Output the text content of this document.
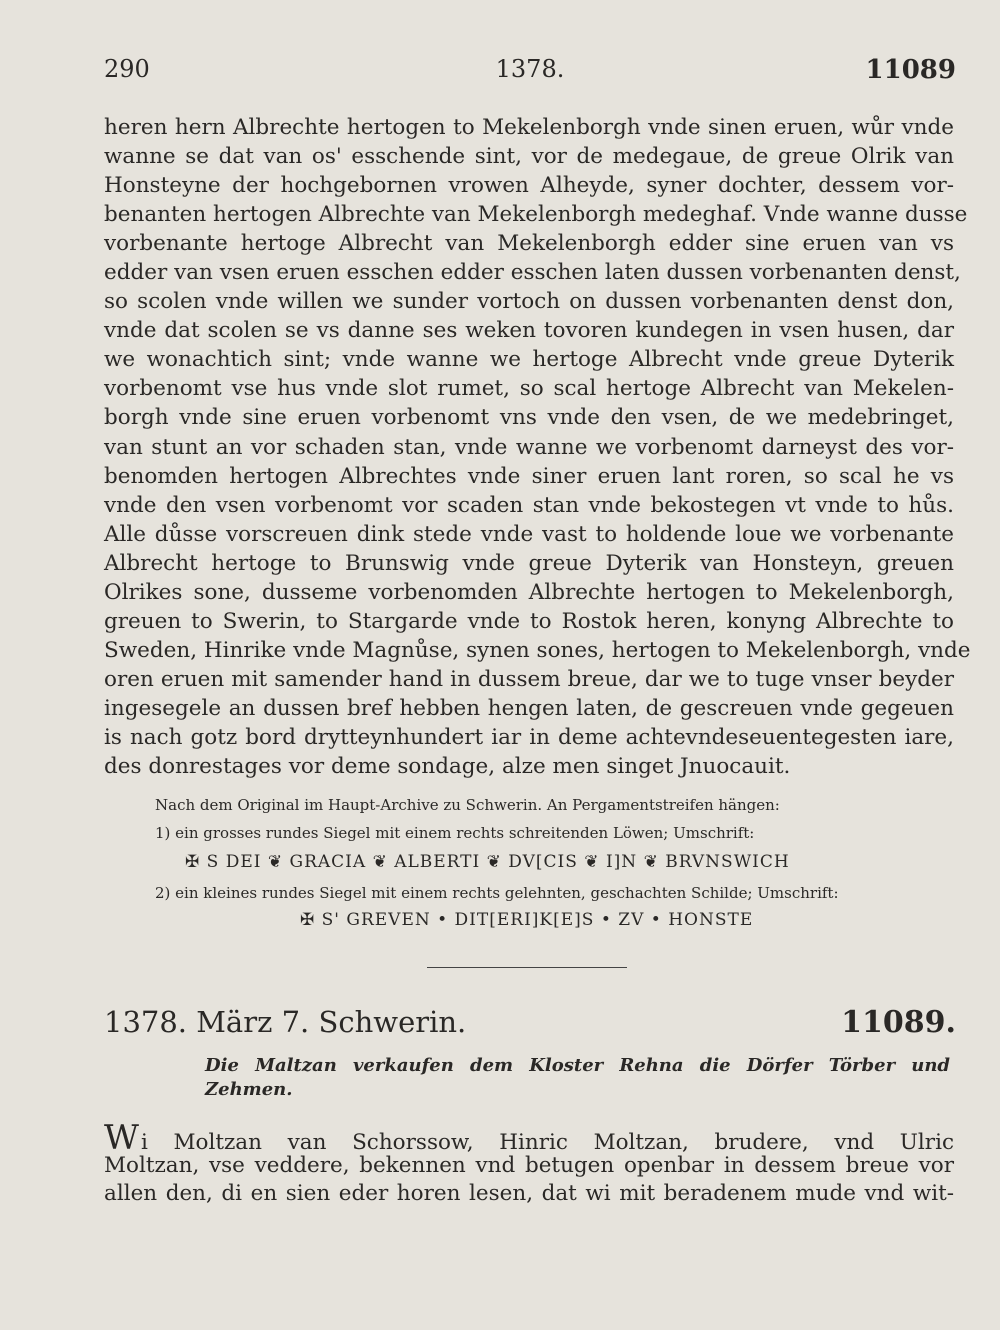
290	1378.	11089
heren hern Albrechte hertogen to Mekelenborgh vnde sinen eruen, wůr vnde
wanne se dat van os' esschende sint, vor de medegaue, de greue Olrik van
Honsteyne der hochgebornen vrowen Alheyde, syner dochter, dessem vor-
benanten hertogen Albrechte van Mekelenborgh medeghaf. Vnde wanne dusse
vorbenante hertoge Albrecht van Mekelenborgh edder sine eruen van vs
edder van vsen eruen esschen edder esschen laten dussen vorbenanten denst,
so scolen vnde willen we sunder vortoch on dussen vorbenanten denst don,
vnde dat scolen se vs danne ses weken tovoren kundegen in vsen husen, dar
we wonachtich sint; vnde wanne we hertoge Albrecht vnde greue Dyterik
vorbenomt vse hus vnde slot rumet, so scal hertoge Albrecht van Mekelen-
borgh vnde sine eruen vorbenomt vns vnde den vsen, de we medebringet,
van stunt an vor schaden stan, vnde wanne we vorbenomt darneyst des vor-
benomden hertogen Albrechtes vnde siner eruen lant roren, so scal he vs
vnde den vsen vorbenomt vor scaden stan vnde bekostegen vt vnde to hůs.
Alle důsse vorscreuen dink stede vnde vast to holdende loue we vorbenante
Albrecht hertoge to Brunswig vnde greue Dyterik van Honsteyn, greuen
Olrikes sone, dusseme vorbenomden Albrechte hertogen to Mekelenborgh,
greuen to Swerin, to Stargarde vnde to Rostok heren, konyng Albrechte to
Sweden, Hinrike vnde Magnůse, synen sones, hertogen to Mekelenborgh, vnde
oren eruen mit samender hand in dussem breue, dar we to tuge vnser beyder
ingesegele an dussen bref hebben hengen laten, de gescreuen vnde gegeuen
is nach gotz bord drytteynhundert iar in deme achtevndeseuentegesten iare,
des donrestages vor deme sondage, alze men singet Jnuocauit.
Nach dem Original im Haupt-Archive zu Schwerin. An Pergamentstreifen hängen:
1) ein grosses rundes Siegel mit einem rechts schreitenden Löwen; Umschrift:
✠ S DEI ❦ GRACIA ❦ ALBERTI ❦ DV[CIS ❦ I]N ❦ BRVNSWICH
2) ein kleines rundes Siegel mit einem rechts gelehnten, geschachten Schilde; Umschrift:
✠ S' GREVEN • DIT[ERI]K[E]S • ZV • HONSTE
1378. März 7. Schwerin.	11089.
Die Maltzan verkaufen dem Kloster Rehna die Dörfer Törber und
Zehmen.
Wi Moltzan van Schorssow, Hinric Moltzan, brudere, vnd Ulric
Moltzan, vse veddere, bekennen vnd betugen openbar in dessem breue vor
allen den, di en sien eder horen lesen, dat wi mit beradenem mude vnd wit-
